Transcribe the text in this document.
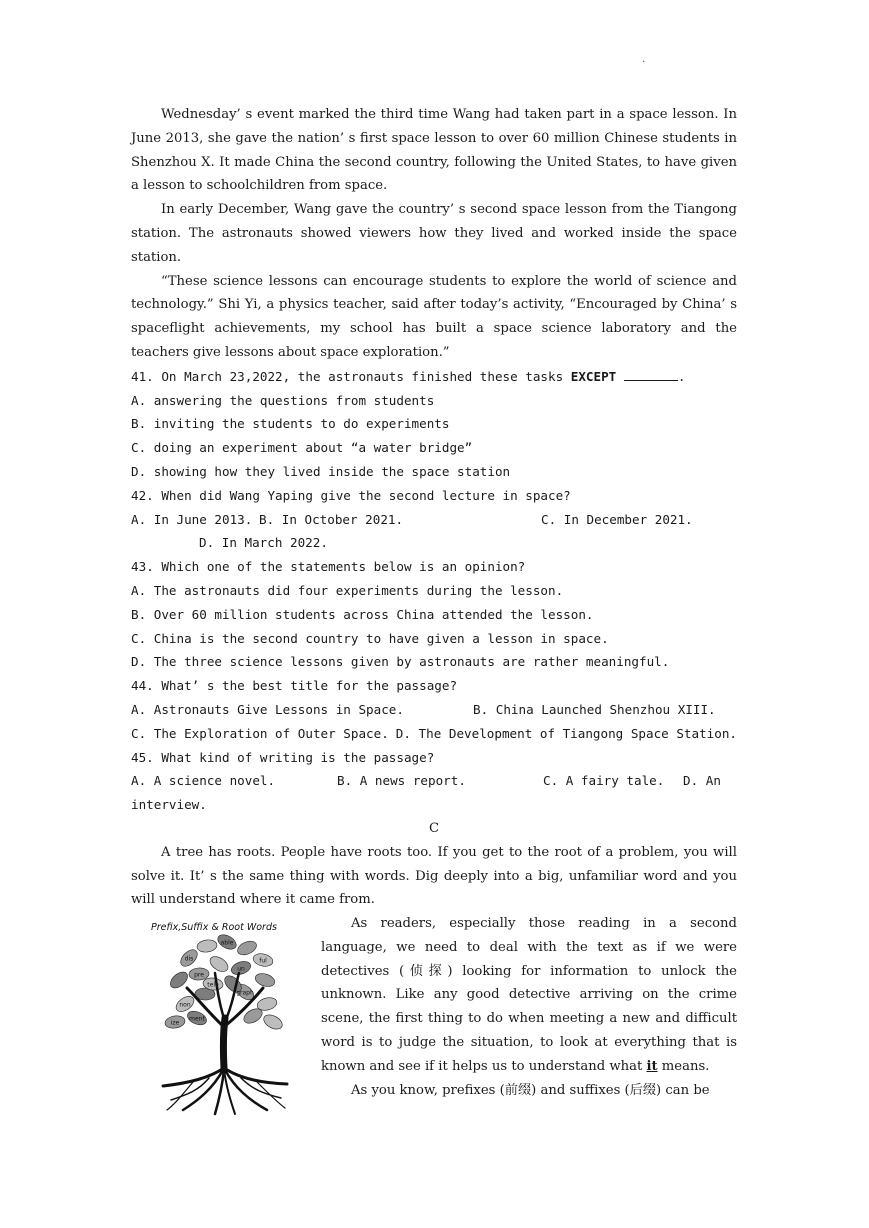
.

Wednesday’ s event marked the third time Wang had taken part in a space lesson. In June 2013, she gave the nation’ s first space lesson to over 60 million Chinese students in Shenzhou X. It made China the second country, following the United States, to have given a lesson to schoolchildren from space.

In early December, Wang gave the country’ s second space lesson from the Tiangong station. The astronauts showed viewers how they lived and worked inside the space station.

“These science lessons can encourage students to explore the world of science and technology.” Shi Yi, a physics teacher, said after today’s activity, “Encouraged by China’ s spaceflight achievements, my school has built a space science laboratory and the teachers give lessons about space exploration.”

41. On March 23,2022, the astronauts finished these tasks EXCEPT	.

A. answering the questions from students

B. inviting the students to do experiments

C. doing an experiment about “a water bridge”

D. showing how they lived inside the space station

42. When did Wang Yaping give the second lecture in space?

A. In June 2013. B. In October 2021.	C. In December 2021.

D. In March 2022.

43. Which one of the statements below is an opinion?

A. The astronauts did four experiments during the lesson.

B. Over 60 million students across China attended the lesson.

C. China is the second country to have given a lesson in space.

D. The three science lessons given by astronauts are rather meaningful.

44. What’ s the best title for the passage?

A. Astronauts Give Lessons in Space.	B. China Launched Shenzhou XIII.
C. The Exploration of Outer Space. D. The Development of Tiangong Space Station.

45. What kind of writing is the passage?

A. A science novel.	B. A news report.	C. A fairy tale.	D. An

interview.

C

A tree has roots. People have roots too. If you get to the root of a problem, you will solve it. It’ s the same thing with words. Dig deeply into a big, unfamiliar word and you will understand where it came from.

Prefix,Suffix & Root Words
dis
able
ful
pre
un
non
graph
ment
tele
ize

As readers, especially those reading in a second language, we need to deal with the text as if we were detectives (侦探) looking for information to unlock the unknown. Like any good detective arriving on the crime scene, the first thing to do when meeting a new and difficult word is to judge the situation, to look at everything that is known and see if it helps us to understand what it means.

As you know, prefixes (前缀) and suffixes (后缀) can be
